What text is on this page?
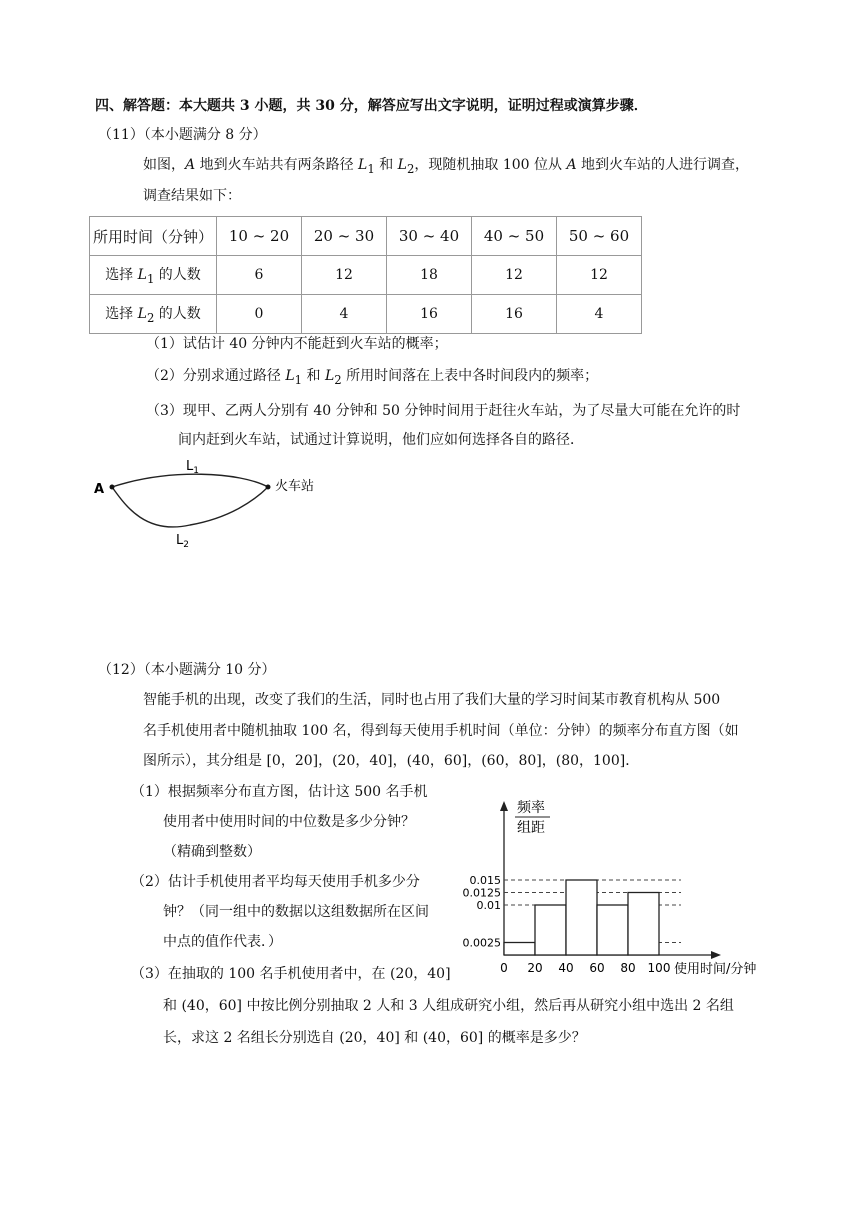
四、解答题：本大题共 3 小题，共 30 分，解答应写出文字说明，证明过程或演算步骤．
（11）（本小题满分 8 分）
如图，A 地到火车站共有两条路径 $L_1$ 和 $L_2$，现随机抽取 100 位从 A 地到火车站的人进行调查，
调查结果如下：
所用时间（分钟）	10 ~ 20	20 ~ 30	30 ~ 40	40 ~ 50	50 ~ 60
选择 $L_1$ 的人数	6	12	18	12	12
选择 $L_2$ 的人数	0	4	16	16	4
（1）试估计 40 分钟内不能赶到火车站的概率；
（2）分别求通过路径 $L_1$ 和 $L_2$ 所用时间落在上表中各时间段内的频率；
（3）现甲、乙两人分别有 40 分钟和 50 分钟时间用于赶往火车站，为了尽量大可能在允许的时
间内赶到火车站，试通过计算说明，他们应如何选择各自的路径．
A	火车站
$L_1$
$L_2$
（12）（本小题满分 10 分）
智能手机的出现，改变了我们的生活，同时也占用了我们大量的学习时间某市教育机构从 500
名手机使用者中随机抽取 100 名，得到每天使用手机时间（单位：分钟）的频率分布直方图（如
图所示），其分组是 [0，20]，(20，40]，(40，60]，(60，80]，(80，100]．
（1）根据频率分布直方图，估计这 500 名手机
使用者中使用时间的中位数是多少分钟？
（精确到整数）
（2）估计手机使用者平均每天使用手机多少分
钟？（同一组中的数据以这组数据所在区间
中点的值作代表．）
（3）在抽取的 100 名手机使用者中，在 (20，40]
和 (40，60] 中按比例分别抽取 2 人和 3 人组成研究小组，然后再从研究小组中选出 2 名组
长，求这 2 名组长分别选自 (20，40] 和 (40，60] 的概率是多少？
频率
组距
0.015
0.0125
0.01
0.0025
0 20 40 60 80 100 使用时间/分钟
